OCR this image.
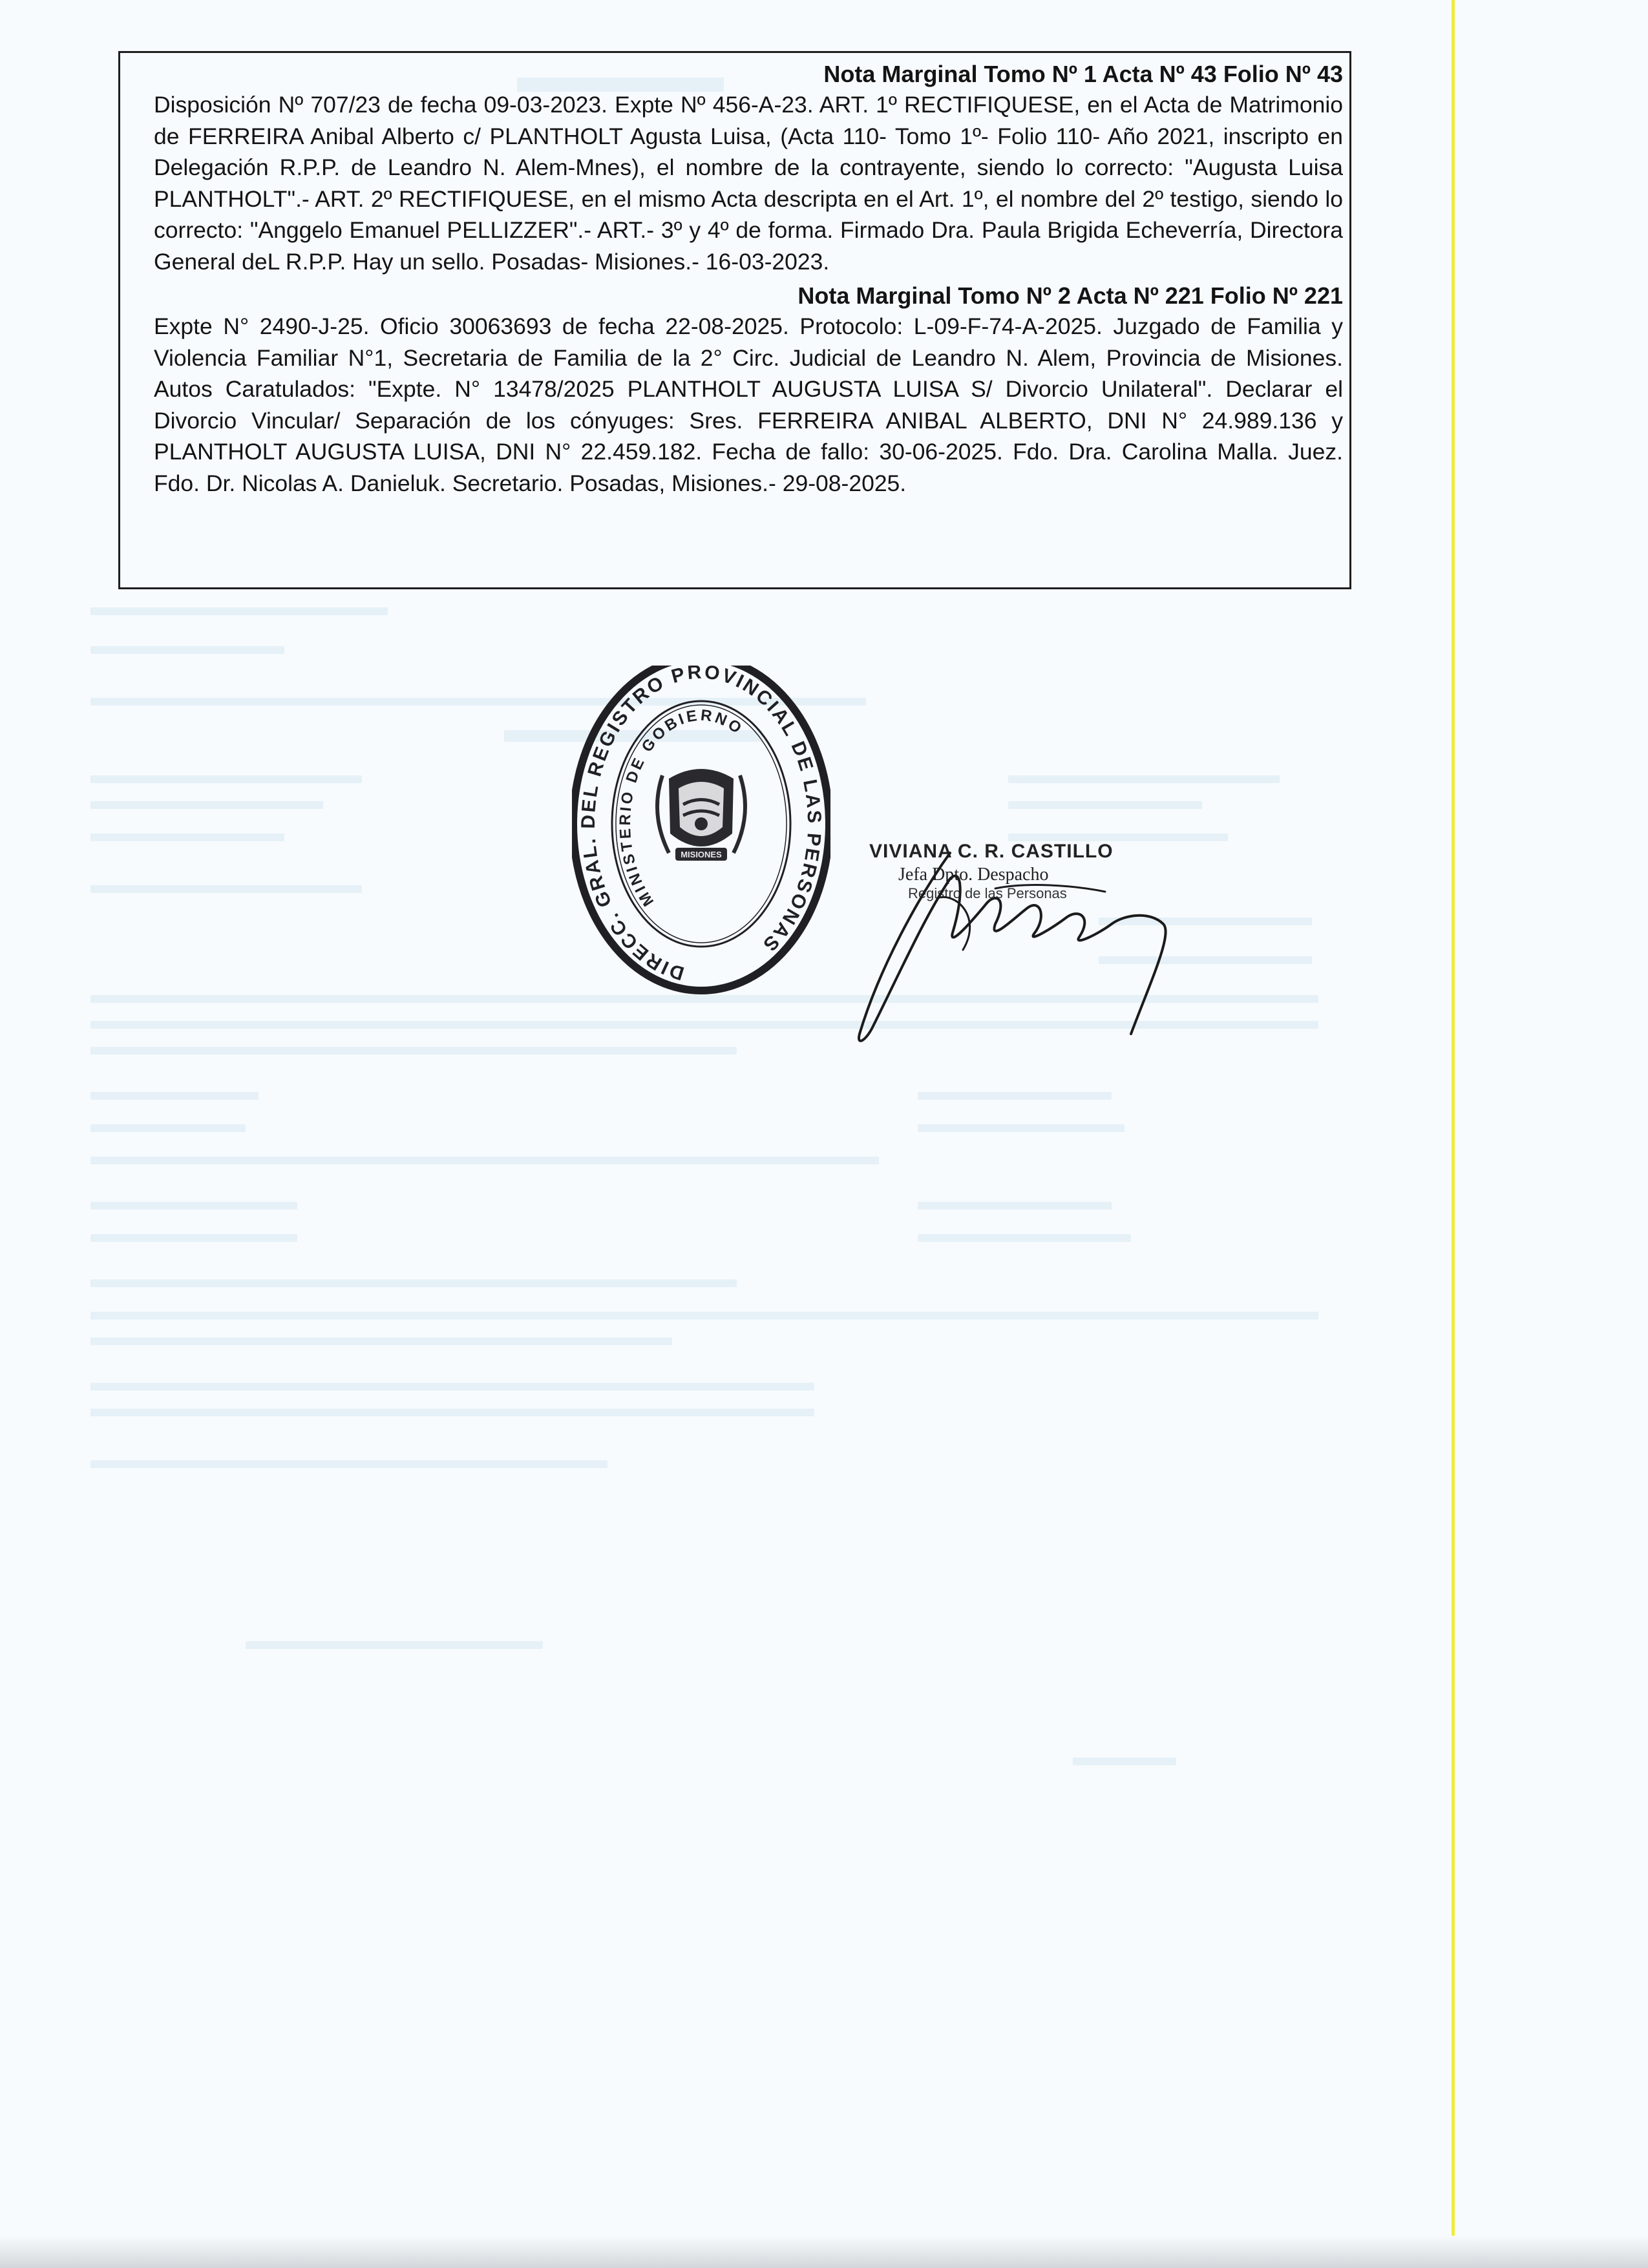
Nota Marginal Tomo Nº 1 Acta Nº 43 Folio Nº 43

Disposición Nº 707/23 de fecha 09-03-2023. Expte Nº 456-A-23. ART. 1º RECTIFIQUESE, en el Acta de Matrimonio de FERREIRA Anibal Alberto c/ PLANTHOLT Agusta Luisa, (Acta 110- Tomo 1º- Folio 110- Año 2021, inscripto en Delegación R.P.P. de Leandro N. Alem-Mnes), el nombre de la contrayente, siendo lo correcto: "Augusta Luisa PLANTHOLT".- ART. 2º RECTIFIQUESE, en el mismo Acta descripta en el Art. 1º, el nombre del 2º testigo, siendo lo correcto: "Anggelo Emanuel PELLIZZER".- ART.- 3º y 4º de forma. Firmado Dra. Paula Brigida Echeverría, Directora General deL R.P.P. Hay un sello. Posadas- Misiones.- 16-03-2023.

Nota Marginal Tomo Nº 2 Acta Nº 221 Folio Nº 221

Expte N° 2490-J-25. Oficio 30063693 de fecha 22-08-2025. Protocolo: L-09-F-74-A-2025. Juzgado de Familia y Violencia Familiar N°1, Secretaria de Familia de la 2° Circ. Judicial de Leandro N. Alem, Provincia de Misiones. Autos Caratulados: "Expte. N° 13478/2025 PLANTHOLT AUGUSTA LUISA S/ Divorcio Unilateral". Declarar el Divorcio Vincular/ Separación de los cónyuges: Sres. FERREIRA ANIBAL ALBERTO, DNI N° 24.989.136 y PLANTHOLT AUGUSTA LUISA, DNI N° 22.459.182. Fecha de fallo: 30-06-2025. Fdo. Dra. Carolina Malla. Juez. Fdo. Dr. Nicolas A. Danieluk. Secretario. Posadas, Misiones.- 29-08-2025.

DIRECC. GRAL. DEL REGISTRO PROVINCIAL DE LAS PERSONAS
MINISTERIO DE GOBIERNO
MISIONES	VIVIANA C. R. CASTILLO
Jefa Dpto. Despacho
Registro de las Personas
